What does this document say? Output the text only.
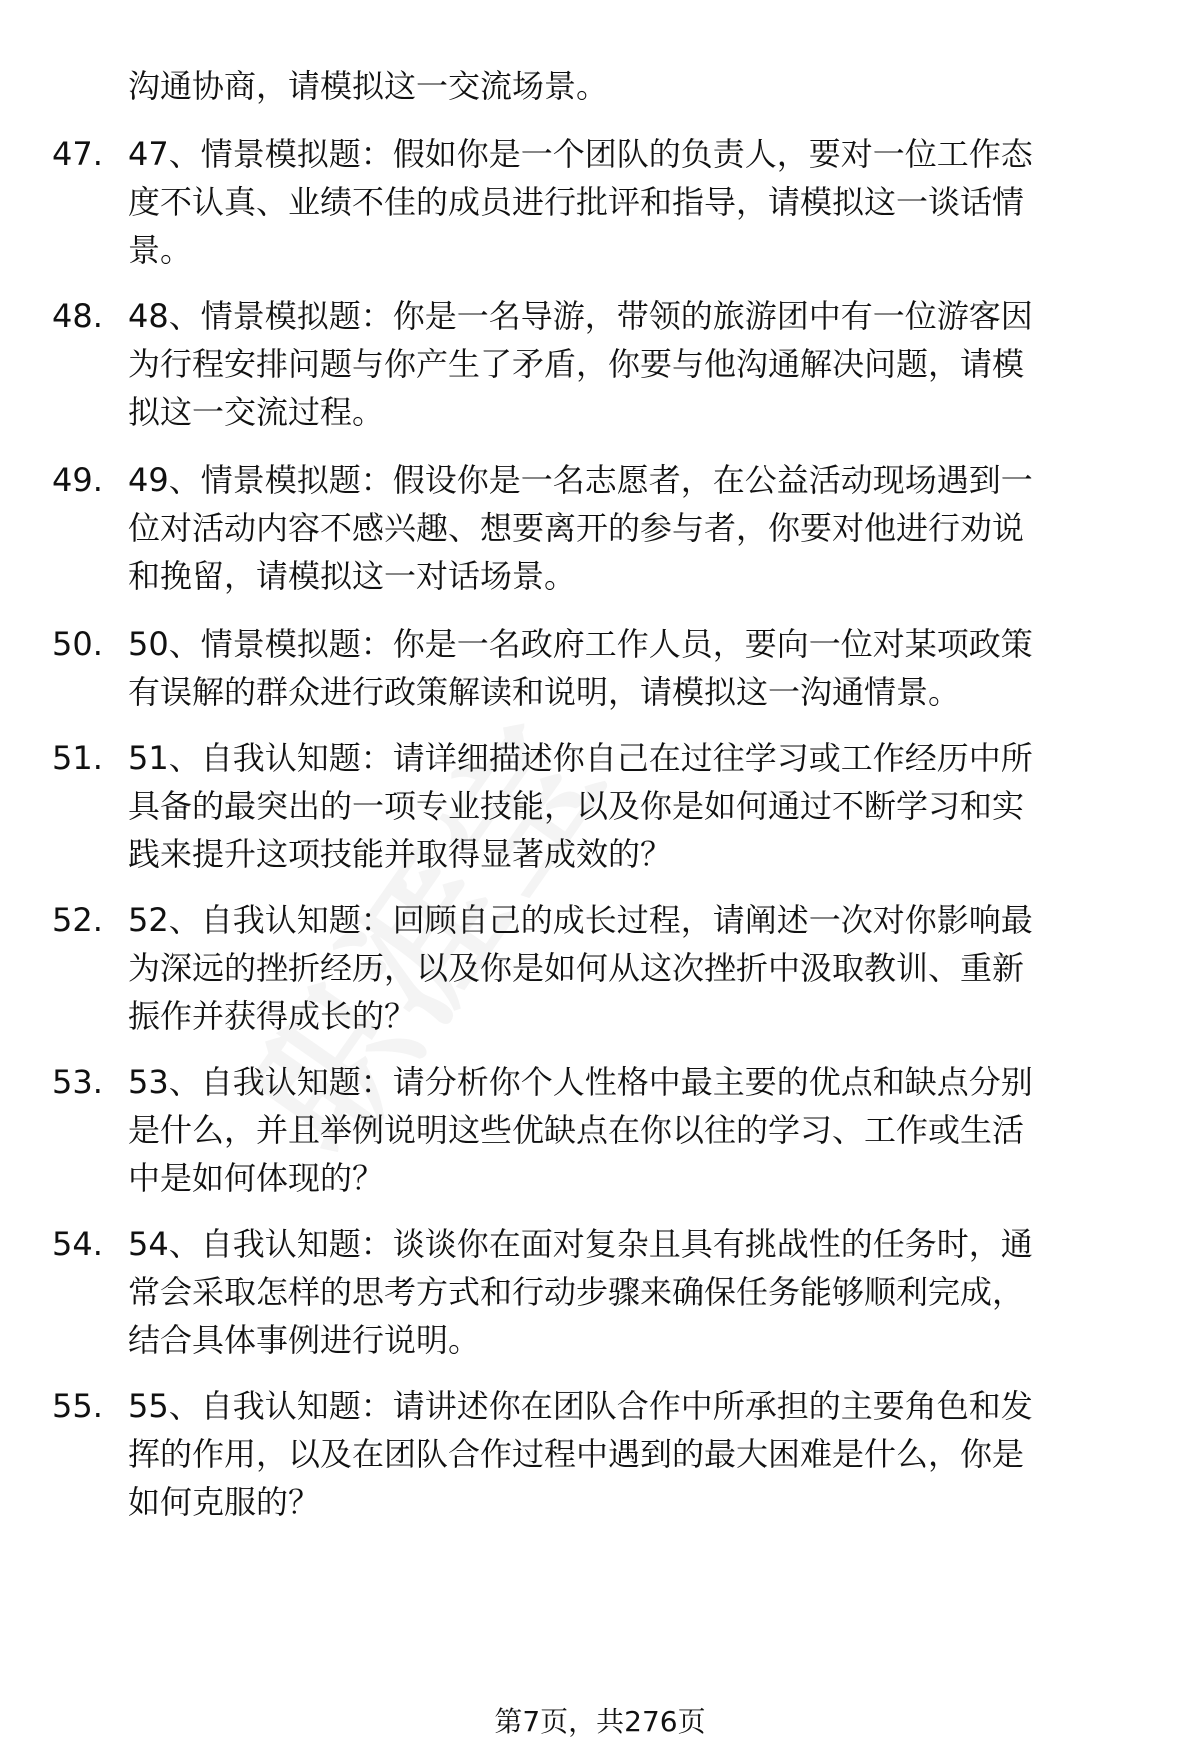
沟通协商，请模拟这一交流场景。
47. 47、情景模拟题：假如你是一个团队的负责人，要对一位工作态
度不认真、业绩不佳的成员进行批评和指导，请模拟这一谈话情
景。
48. 48、情景模拟题：你是一名导游，带领的旅游团中有一位游客因
为行程安排问题与你产生了矛盾，你要与他沟通解决问题，请模
拟这一交流过程。
49. 49、情景模拟题：假设你是一名志愿者，在公益活动现场遇到一
位对活动内容不感兴趣、想要离开的参与者，你要对他进行劝说
和挽留，请模拟这一对话场景。
50. 50、情景模拟题：你是一名政府工作人员，要向一位对某项政策
有误解的群众进行政策解读和说明，请模拟这一沟通情景。
51. 51、自我认知题：请详细描述你自己在过往学习或工作经历中所
具备的最突出的一项专业技能，以及你是如何通过不断学习和实
践来提升这项技能并取得显著成效的？
52. 52、自我认知题：回顾自己的成长过程，请阐述一次对你影响最
为深远的挫折经历，以及你是如何从这次挫折中汲取教训、重新
振作并获得成长的？
53. 53、自我认知题：请分析你个人性格中最主要的优点和缺点分别
是什么，并且举例说明这些优缺点在你以往的学习、工作或生活
中是如何体现的？
54. 54、自我认知题：谈谈你在面对复杂且具有挑战性的任务时，通
常会采取怎样的思考方式和行动步骤来确保任务能够顺利完成，
结合具体事例进行说明。
55. 55、自我认知题：请讲述你在团队合作中所承担的主要角色和发
挥的作用，以及在团队合作过程中遇到的最大困难是什么，你是
如何克服的？
第7页，共276页
